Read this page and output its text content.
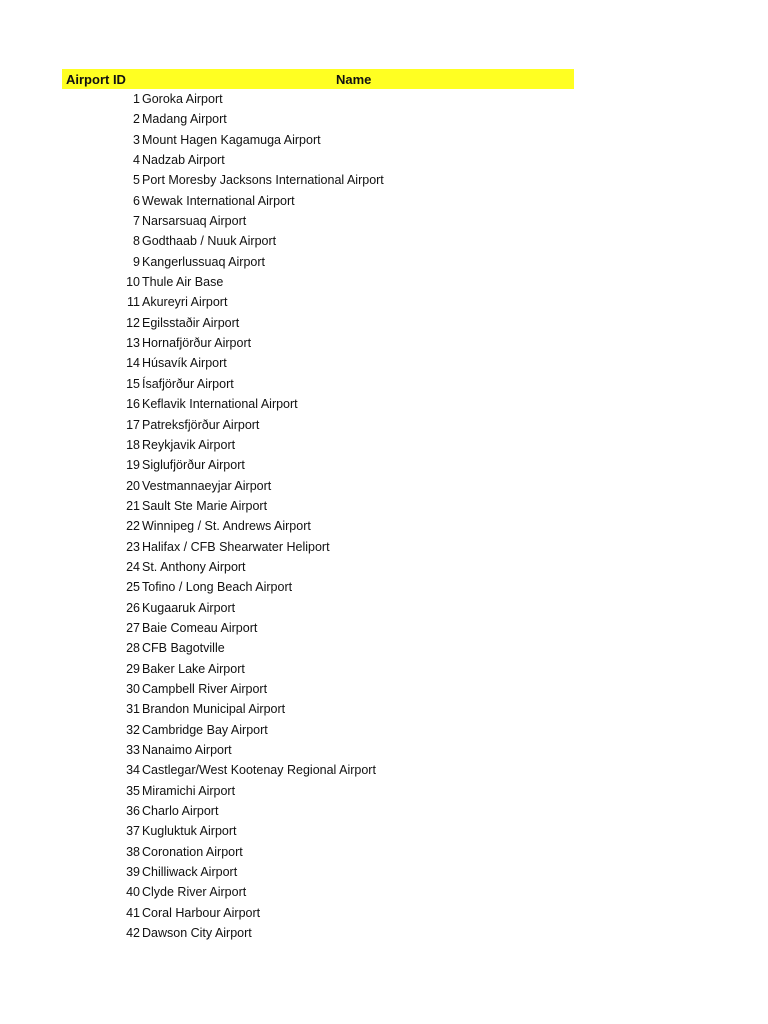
Airport ID	Name
1 Goroka Airport
2 Madang Airport
3 Mount Hagen Kagamuga Airport
4 Nadzab Airport
5 Port Moresby Jacksons International Airport
6 Wewak International Airport
7 Narsarsuaq Airport
8 Godthaab / Nuuk Airport
9 Kangerlussuaq Airport
10 Thule Air Base
11 Akureyri Airport
12 Egilsstaðir Airport
13 Hornafjörður Airport
14 Húsavík Airport
15 Ísafjörður Airport
16 Keflavik International Airport
17 Patreksfjörður Airport
18 Reykjavik Airport
19 Siglufjörður Airport
20 Vestmannaeyjar Airport
21 Sault Ste Marie Airport
22 Winnipeg / St. Andrews Airport
23 Halifax / CFB Shearwater Heliport
24 St. Anthony Airport
25 Tofino / Long Beach Airport
26 Kugaaruk Airport
27 Baie Comeau Airport
28 CFB Bagotville
29 Baker Lake Airport
30 Campbell River Airport
31 Brandon Municipal Airport
32 Cambridge Bay Airport
33 Nanaimo Airport
34 Castlegar/West Kootenay Regional Airport
35 Miramichi Airport
36 Charlo Airport
37 Kugluktuk Airport
38 Coronation Airport
39 Chilliwack Airport
40 Clyde River Airport
41 Coral Harbour Airport
42 Dawson City Airport
